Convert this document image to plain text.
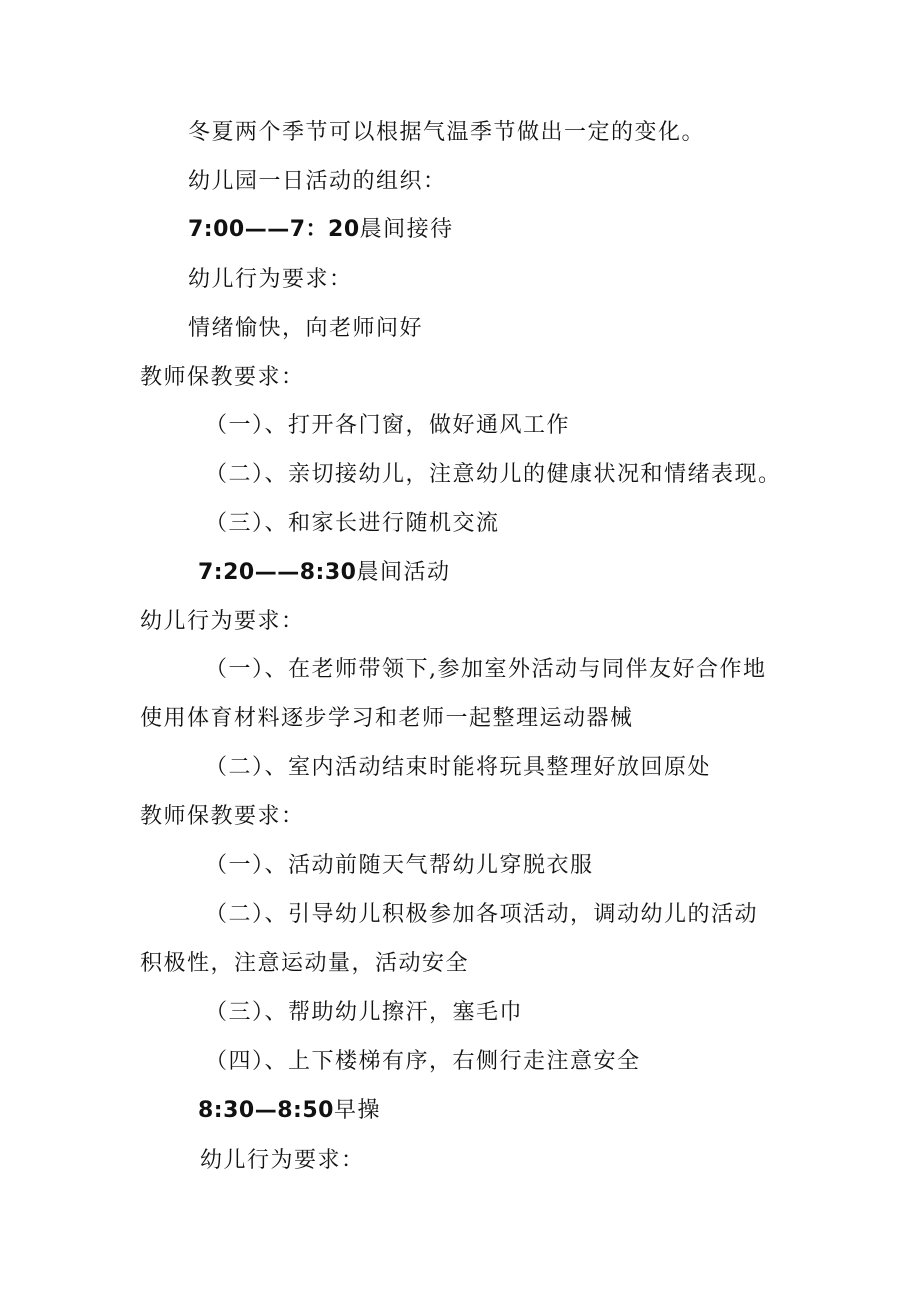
冬夏两个季节可以根据气温季节做出一定的变化。
幼儿园一日活动的组织：
7:00——7：20晨间接待
幼儿行为要求：
情绪愉快，向老师问好
教师保教要求：
（一）、打开各门窗，做好通风工作
（二）、亲切接幼儿，注意幼儿的健康状况和情绪表现。
（三）、和家长进行随机交流
7:20——8:30晨间活动
幼儿行为要求：
（一）、在老师带领下,参加室外活动与同伴友好合作地
使用体育材料逐步学习和老师一起整理运动器械
（二）、室内活动结束时能将玩具整理好放回原处
教师保教要求：
（一）、活动前随天气帮幼儿穿脱衣服
（二）、引导幼儿积极参加各项活动，调动幼儿的活动
积极性，注意运动量，活动安全
（三）、帮助幼儿擦汗，塞毛巾
（四）、上下楼梯有序，右侧行走注意安全
8:30—8:50早操
幼儿行为要求：
